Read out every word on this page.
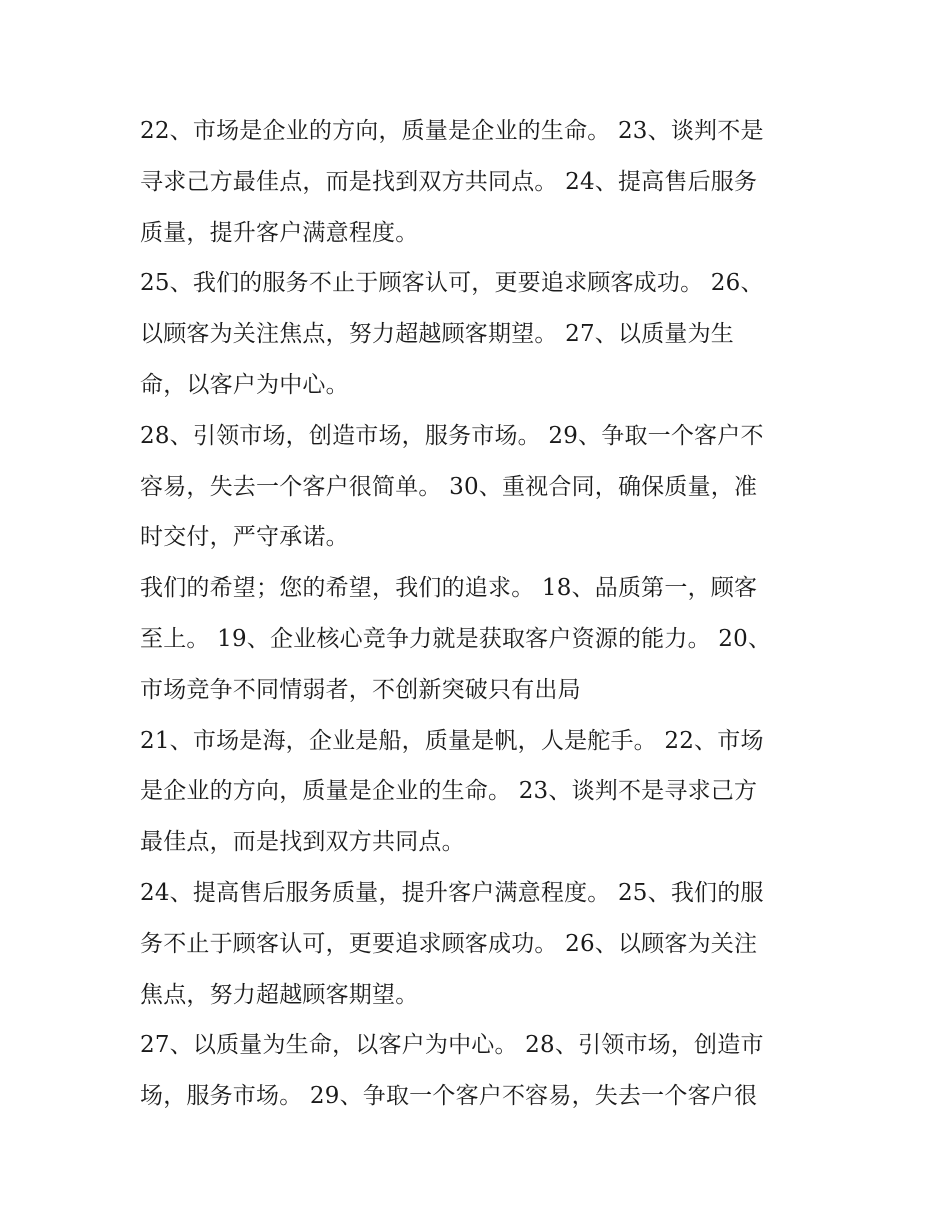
22、市场是企业的方向，质量是企业的生命。 23、谈判不是
寻求己方最佳点，而是找到双方共同点。 24、提高售后服务
质量，提升客户满意程度。
25、我们的服务不止于顾客认可，更要追求顾客成功。 26、
以顾客为关注焦点，努力超越顾客期望。 27、以质量为生
命，以客户为中心。
28、引领市场，创造市场，服务市场。 29、争取一个客户不
容易，失去一个客户很简单。 30、重视合同，确保质量，准
时交付，严守承诺。
我们的希望；您的希望，我们的追求。 18、品质第一，顾客
至上。 19、企业核心竞争力就是获取客户资源的能力。 20、
市场竞争不同情弱者，不创新突破只有出局
21、市场是海，企业是船，质量是帆，人是舵手。 22、市场
是企业的方向，质量是企业的生命。 23、谈判不是寻求己方
最佳点，而是找到双方共同点。
24、提高售后服务质量，提升客户满意程度。 25、我们的服
务不止于顾客认可，更要追求顾客成功。 26、以顾客为关注
焦点，努力超越顾客期望。
27、以质量为生命，以客户为中心。 28、引领市场，创造市
场，服务市场。 29、争取一个客户不容易，失去一个客户很
